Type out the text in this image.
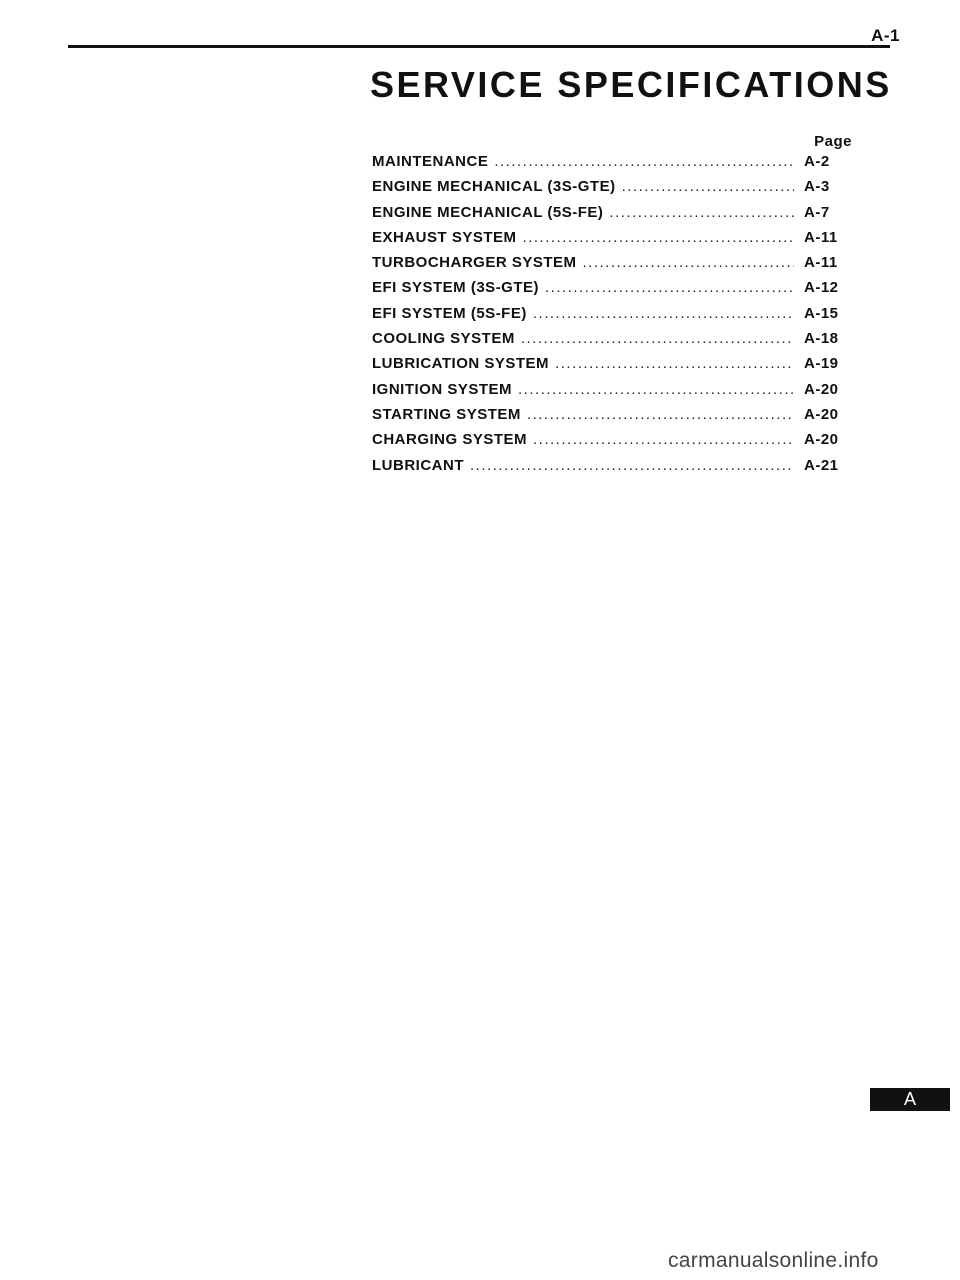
A-1
SERVICE SPECIFICATIONS
Page
MAINTENANCE .....	A-2
ENGINE MECHANICAL (3S-GTE) .....	A-3
ENGINE MECHANICAL (5S-FE) .....	A-7
EXHAUST SYSTEM .....	A-11
TURBOCHARGER SYSTEM .....	A-11
EFI SYSTEM (3S-GTE) .....	A-12
EFI SYSTEM (5S-FE) .....	A-15
COOLING SYSTEM .....	A-18
LUBRICATION SYSTEM .....	A-19
IGNITION SYSTEM .....	A-20
STARTING SYSTEM .....	A-20
CHARGING SYSTEM .....	A-20
LUBRICANT .....	A-21
A
carmanualsonline.info
